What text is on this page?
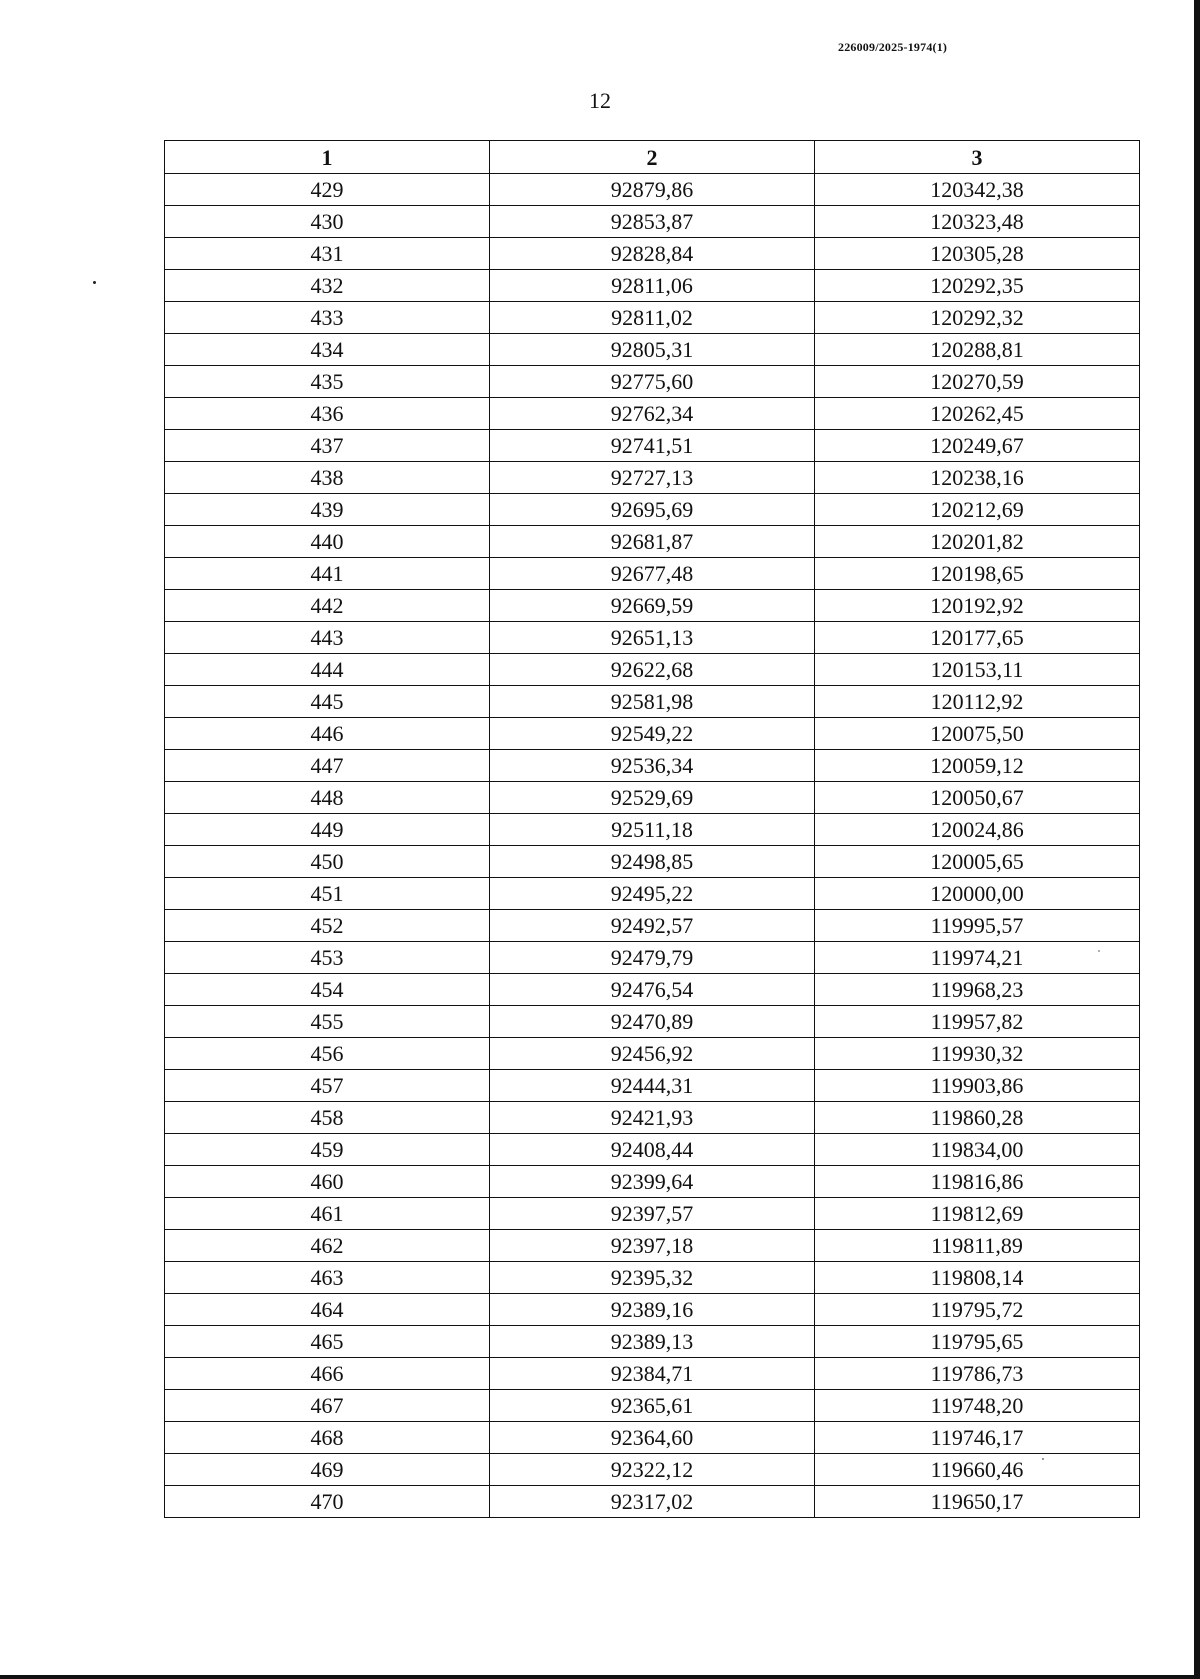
226009/2025-1974(1)
12
1	2	3
429	92879,86	120342,38
430	92853,87	120323,48
431	92828,84	120305,28
432	92811,06	120292,35
433	92811,02	120292,32
434	92805,31	120288,81
435	92775,60	120270,59
436	92762,34	120262,45
437	92741,51	120249,67
438	92727,13	120238,16
439	92695,69	120212,69
440	92681,87	120201,82
441	92677,48	120198,65
442	92669,59	120192,92
443	92651,13	120177,65
444	92622,68	120153,11
445	92581,98	120112,92
446	92549,22	120075,50
447	92536,34	120059,12
448	92529,69	120050,67
449	92511,18	120024,86
450	92498,85	120005,65
451	92495,22	120000,00
452	92492,57	119995,57
453	92479,79	119974,21
454	92476,54	119968,23
455	92470,89	119957,82
456	92456,92	119930,32
457	92444,31	119903,86
458	92421,93	119860,28
459	92408,44	119834,00
460	92399,64	119816,86
461	92397,57	119812,69
462	92397,18	119811,89
463	92395,32	119808,14
464	92389,16	119795,72
465	92389,13	119795,65
466	92384,71	119786,73
467	92365,61	119748,20
468	92364,60	119746,17
469	92322,12	119660,46
470	92317,02	119650,17
